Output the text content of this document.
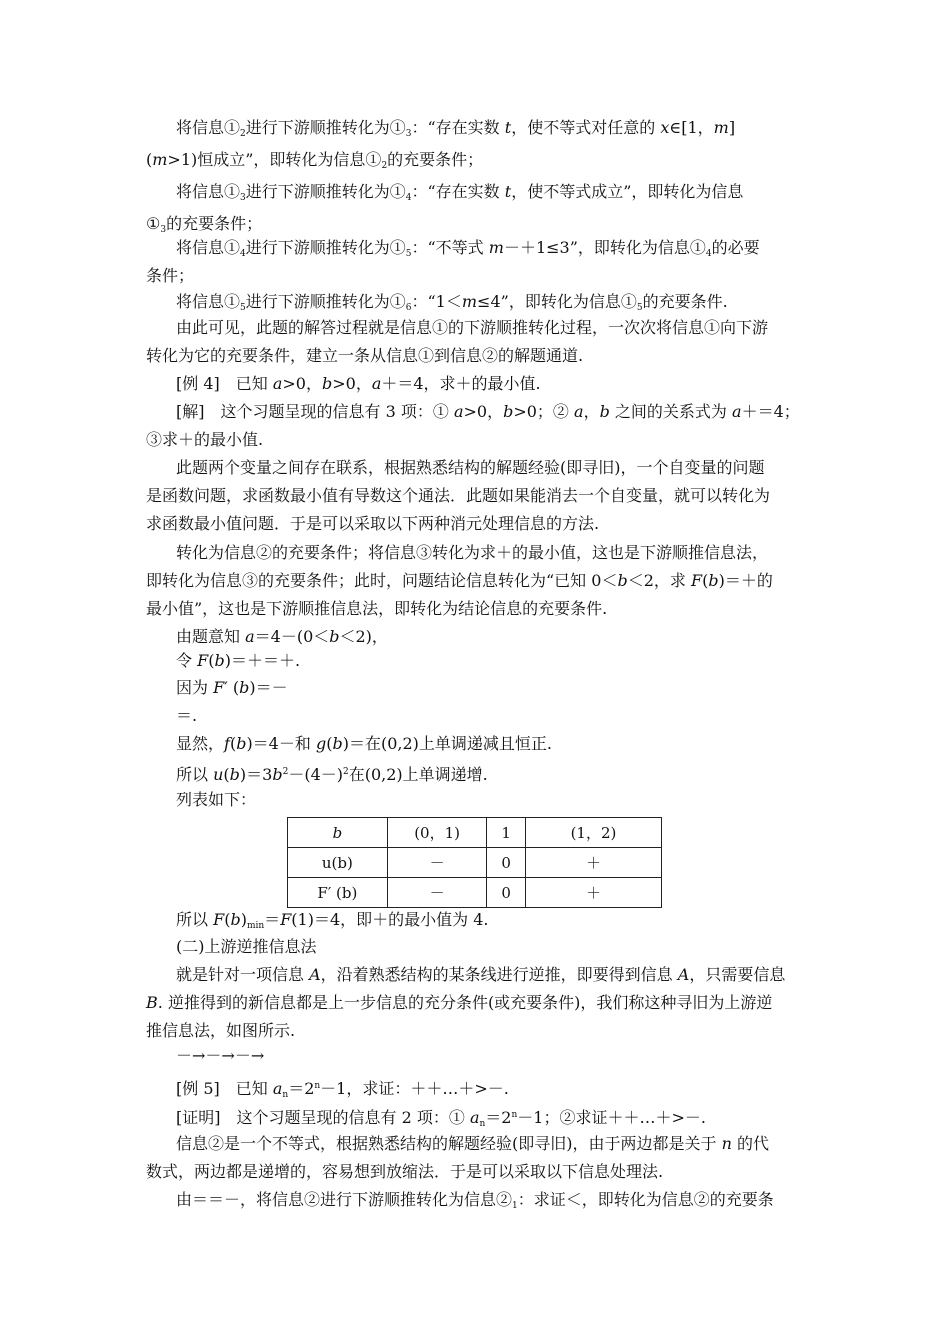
将信息$①_2$进行下游顺推转化为$①_3$：“存在实数 t，使不等式对任意的 x∈[1，m]
(m>1)恒成立”，即转化为信息$①_2$的充要条件；
将信息$①_3$进行下游顺推转化为$①_4$：“存在实数 t，使不等式成立”，即转化为信息
$①_3$的充要条件；
将信息$①_4$进行下游顺推转化为$①_5$：“不等式 m－＋1≤3”，即转化为信息$①_4$的必要
条件；
将信息$①_5$进行下游顺推转化为$①_6$：“1＜m≤4”，即转化为信息$①_5$的充要条件.
由此可见，此题的解答过程就是信息①的下游顺推转化过程，一次次将信息①向下游
转化为它的充要条件，建立一条从信息①到信息②的解题通道.
[例 4]　已知 a>0，b>0，a＋＝4，求＋的最小值.
[解]　这个习题呈现的信息有 3 项：① a>0，b>0；② a，b 之间的关系式为 a＋＝4；
③求＋的最小值.
此题两个变量之间存在联系，根据熟悉结构的解题经验(即寻旧)，一个自变量的问题
是函数问题，求函数最小值有导数这个通法．此题如果能消去一个自变量，就可以转化为
求函数最小值问题．于是可以采取以下两种消元处理信息的方法.
转化为信息②的充要条件；将信息③转化为求＋的最小值，这也是下游顺推信息法，
即转化为信息③的充要条件；此时，问题结论信息转化为“已知 0＜b＜2，求 F(b)＝＋的
最小值”，这也是下游顺推信息法，即转化为结论信息的充要条件.
由题意知 a＝4－(0＜b＜2)，
令 F(b)＝＋＝＋.
因为 F′ (b)＝－
＝.
显然，f(b)＝4－和 g(b)＝在(0,2)上单调递减且恒正.
所以 $u(b)=3b^2-(4-)^2$在(0,2)上单调递增.
列表如下：
b	(0，1)	1	(1，2)
u(b)	－	0	＋
F′ (b)	－	0	＋
所以 $F(b)_{min}=F(1)=4$，即＋的最小值为 4.
(二)上游逆推信息法
就是针对一项信息 A，沿着熟悉结构的某条线进行逆推，即要得到信息 A，只需要信息
B. 逆推得到的新信息都是上一步信息的充分条件(或充要条件)，我们称这种寻旧为上游逆
推信息法，如图所示.
－→－→－→
[例 5]　已知 $a_n=2^n-1$，求证：＋＋…＋>－.
[证明]　这个习题呈现的信息有 2 项：① $a_n=2^n-1$；②求证＋＋…＋>－.
信息②是一个不等式，根据熟悉结构的解题经验(即寻旧)，由于两边都是关于 n 的代
数式，两边都是递增的，容易想到放缩法．于是可以采取以下信息处理法.
由＝＝－，将信息②进行下游顺推转化为信息$②_1$：求证＜，即转化为信息②的充要条
